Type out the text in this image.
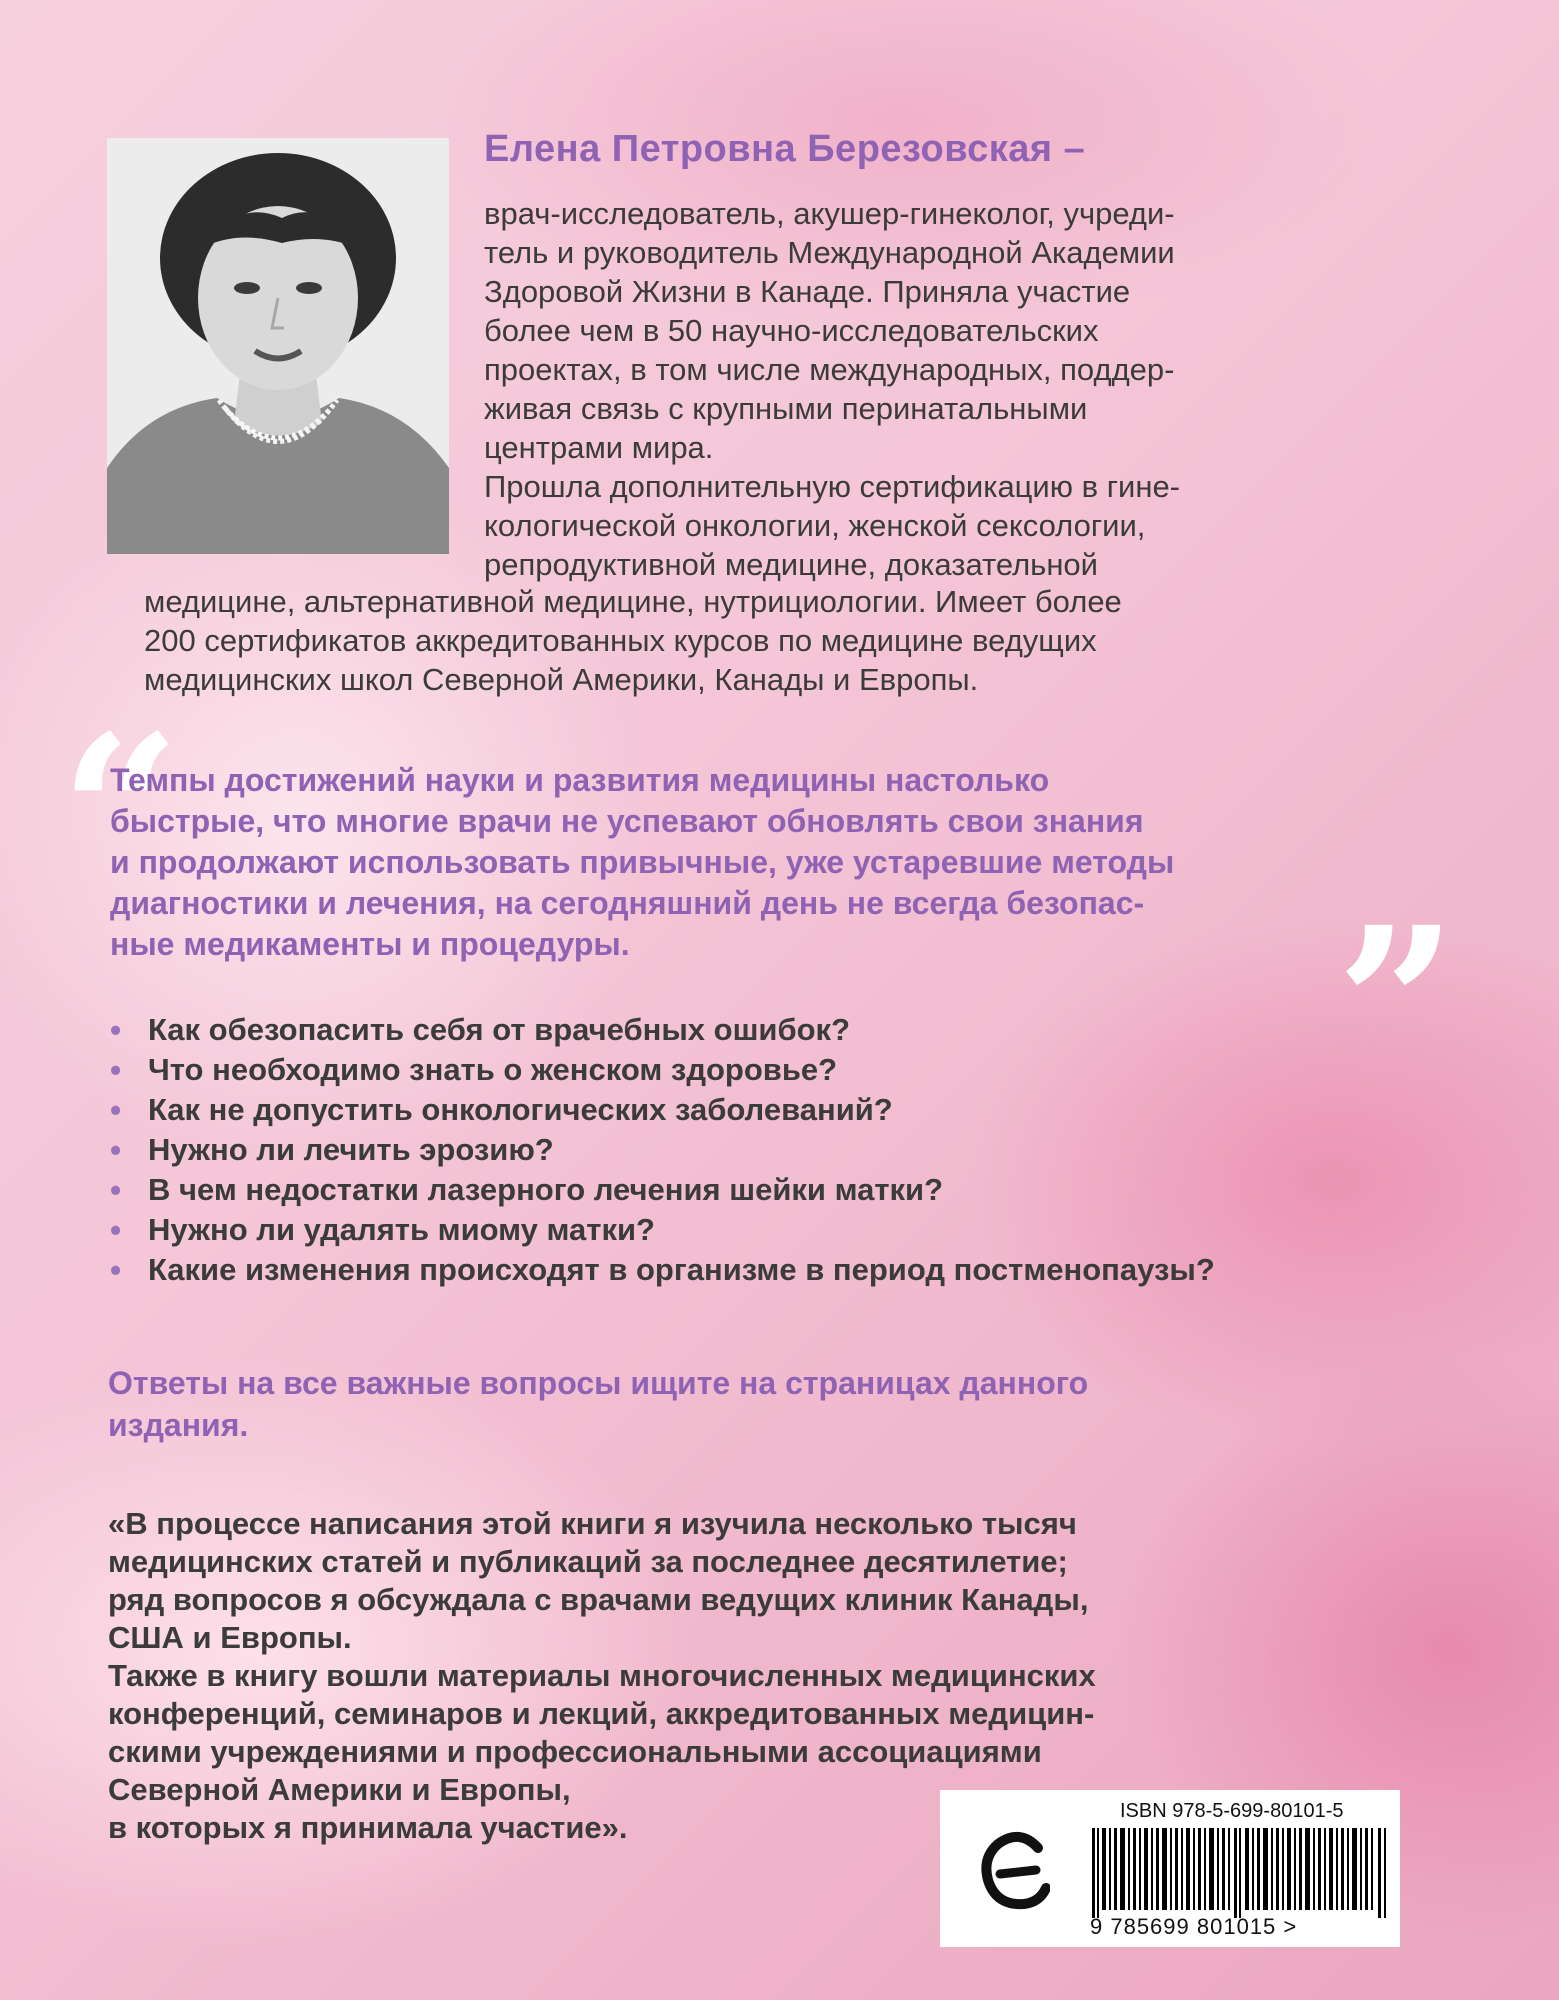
Елена Петровна Березовская –
врач-исследователь, акушер-гинеколог, учреди-
тель и руководитель Международной Академии
Здоровой Жизни в Канаде. Приняла участие
более чем в 50 научно-исследовательских
проектах, в том числе международных, поддер-
живая связь с крупными перинатальными
центрами мира.
Прошла дополнительную сертификацию в гине-
кологической онкологии, женской сексологии,
репродуктивной медицине, доказательной
медицине, альтернативной медицине, нутрициологии. Имеет более
200 сертификатов аккредитованных курсов по медицине ведущих
медицинских школ Северной Америки, Канады и Европы.
“
Темпы достижений науки и развития медицины настолько
быстрые, что многие врачи не успевают обновлять свои знания
и продолжают использовать привычные, уже устаревшие методы
диагностики и лечения, на сегодняшний день не всегда безопас-
ные медикаменты и процедуры.	”
• Как обезопасить себя от врачебных ошибок?
• Что необходимо знать о женском здоровье?
• Как не допустить онкологических заболеваний?
• Нужно ли лечить эрозию?
• В чем недостатки лазерного лечения шейки матки?
• Нужно ли удалять миому матки?
• Какие изменения происходят в организме в период постменопаузы?
Ответы на все важные вопросы ищите на страницах данного
издания.
«В процессе написания этой книги я изучила несколько тысяч
медицинских статей и публикаций за последнее десятилетие;
ряд вопросов я обсуждала с врачами ведущих клиник Канады,
США и Европы.
Также в книгу вошли материалы многочисленных медицинских
конференций, семинаров и лекций, аккредитованных медицин-
скими учреждениями и профессиональными ассоциациями
Северной Америки и Европы,
в которых я принимала участие».	ISBN 978-5-699-80101-5
9 785699 801015 >
